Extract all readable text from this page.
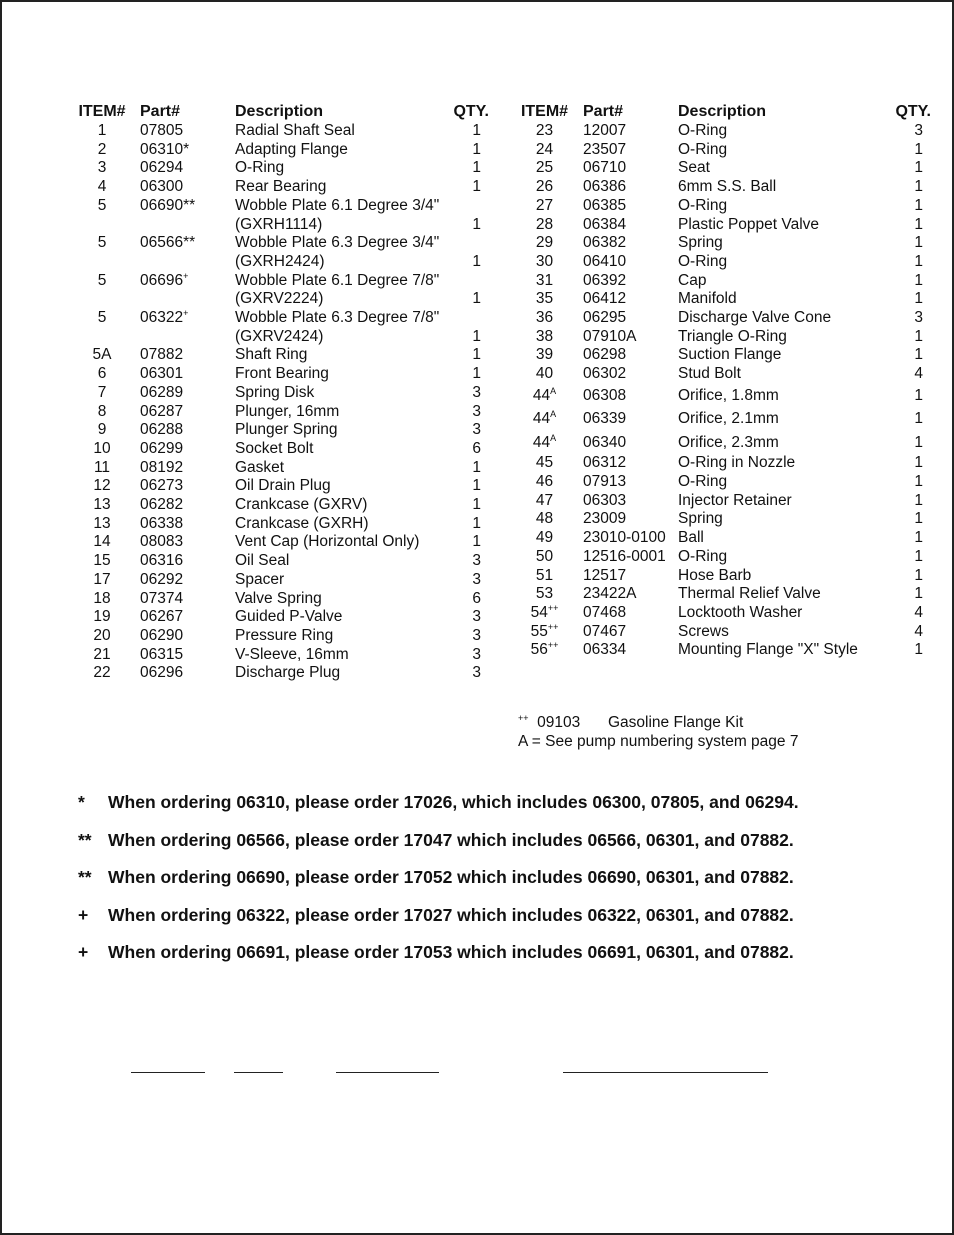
ITEM#	Part#	Description	QTY.
1	07805	Radial Shaft Seal	1
2	06310*	Adapting Flange	1
3	06294	O-Ring	1
4	06300	Rear Bearing	1
5	06690**	Wobble Plate 6.1 Degree 3/4"
(GXRH1114)	1
5	06566**	Wobble Plate 6.3 Degree 3/4"
(GXRH2424)	1
5	06696+	Wobble Plate 6.1 Degree 7/8"
(GXRV2224)	1
5	06322+	Wobble Plate 6.3 Degree 7/8"
(GXRV2424)	1
5A	07882	Shaft Ring	1
6	06301	Front Bearing	1
7	06289	Spring Disk	3
8	06287	Plunger, 16mm	3
9	06288	Plunger Spring	3
10	06299	Socket Bolt	6
11	08192	Gasket	1
12	06273	Oil Drain Plug	1
13	06282	Crankcase (GXRV)	1
13	06338	Crankcase (GXRH)	1
14	08083	Vent Cap (Horizontal Only)	1
15	06316	Oil Seal	3
17	06292	Spacer	3
18	07374	Valve Spring	6
19	06267	Guided P-Valve	3
20	06290	Pressure Ring	3
21	06315	V-Sleeve, 16mm	3
22	06296	Discharge Plug	3
ITEM#	Part#	Description	QTY.
23	12007	O-Ring	3
24	23507	O-Ring	1
25	06710	Seat	1
26	06386	6mm S.S. Ball	1
27	06385	O-Ring	1
28	06384	Plastic Poppet Valve	1
29	06382	Spring	1
30	06410	O-Ring	1
31	06392	Cap	1
35	06412	Manifold	1
36	06295	Discharge Valve Cone	3
38	07910A	Triangle O-Ring	1
39	06298	Suction Flange	1
40	06302	Stud Bolt	4
$44^A$	06308	Orifice, 1.8mm	1
$44^A$	06339	Orifice, 2.1mm	1
$44^A$	06340	Orifice, 2.3mm	1
45	06312	O-Ring in Nozzle	1
46	07913	O-Ring	1
47	06303	Injector Retainer	1
48	23009	Spring	1
49	23010-0100	Ball	1
50	12516-0001	O-Ring	1
51	12517	Hose Barb	1
53	23422A	Thermal Relief Valve	1
54++	07468	Locktooth Washer	4
55++	07467	Screws	4
56++	06334	Mounting Flange "X" Style	1
++ 09103 Gasoline Flange Kit
A = See pump numbering system page 7
* When ordering 06310, please order 17026, which includes 06300, 07805, and 06294.
** When ordering 06566, please order 17047 which includes 06566, 06301, and 07882.
** When ordering 06690, please order 17052 which includes 06690, 06301, and 07882.
+ When ordering 06322, please order 17027 which includes 06322, 06301, and 07882.
+ When ordering 06691, please order 17053 which includes 06691, 06301, and 07882.
